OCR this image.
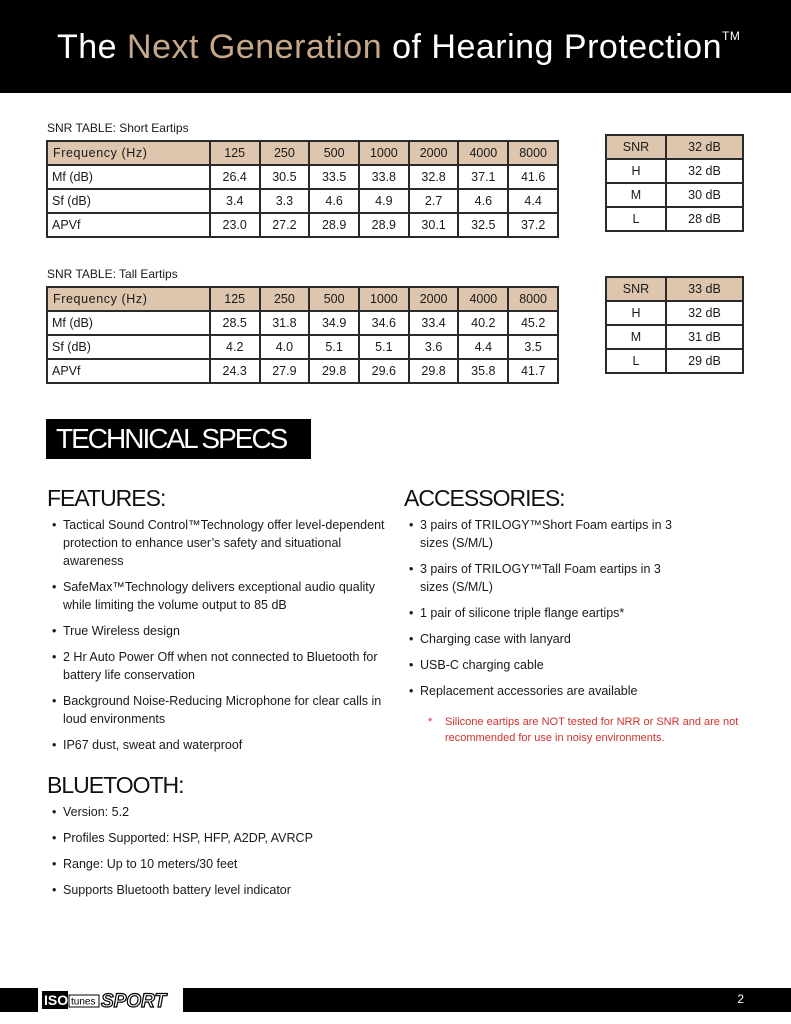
The Next Generation of Hearing Protection™

SNR TABLE: Short Eartips

Frequency (Hz)	125	250	500	1000	2000	4000	8000
Mf (dB)	26.4	30.5	33.5	33.8	32.8	37.1	41.6
Sf (dB)	3.4	3.3	4.6	4.9	2.7	4.6	4.4
APVf	23.0	27.2	28.9	28.9	30.1	32.5	37.2
SNR	32 dB
H	32 dB
M	30 dB
L	28 dB

SNR TABLE: Tall Eartips

Frequency (Hz)	125	250	500	1000	2000	4000	8000
Mf (dB)	28.5	31.8	34.9	34.6	33.4	40.2	45.2
Sf (dB)	4.2	4.0	5.1	5.1	3.6	4.4	3.5
APVf	24.3	27.9	29.8	29.6	29.8	35.8	41.7
SNR	33 dB
H	32 dB
M	31 dB
L	29 dB
TECHNICAL SPECS
FEATURES:
• Tactical Sound Control™Technology offer level-dependent protection to enhance user’s safety and situational awareness
• SafeMax™Technology delivers exceptional audio quality while limiting the volume output to 85 dB
• True Wireless design
• 2 Hr Auto Power Off when not connected to Bluetooth for battery life conservation
• Background Noise-Reducing Microphone for clear calls in loud environments
• IP67 dust, sweat and waterproof
ACCESSORIES:
• 3 pairs of TRILOGY™Short Foam eartips in 3 sizes (S/M/L)
• 3 pairs of TRILOGY™Tall Foam eartips in 3 sizes (S/M/L)
• 1 pair of silicone triple flange eartips*
• Charging case with lanyard
• USB-C charging cable
• Replacement accessories are available

*	Silicone eartips are NOT tested for NRR or SNR and are not recommended for use in noisy environments.

BLUETOOTH:
• Version: 5.2
• Profiles Supported: HSP, HFP, A2DP, AVRCP
• Range: Up to 10 meters/30 feet
• Supports Bluetooth battery level indicator
ISO tunes SPORT	2
